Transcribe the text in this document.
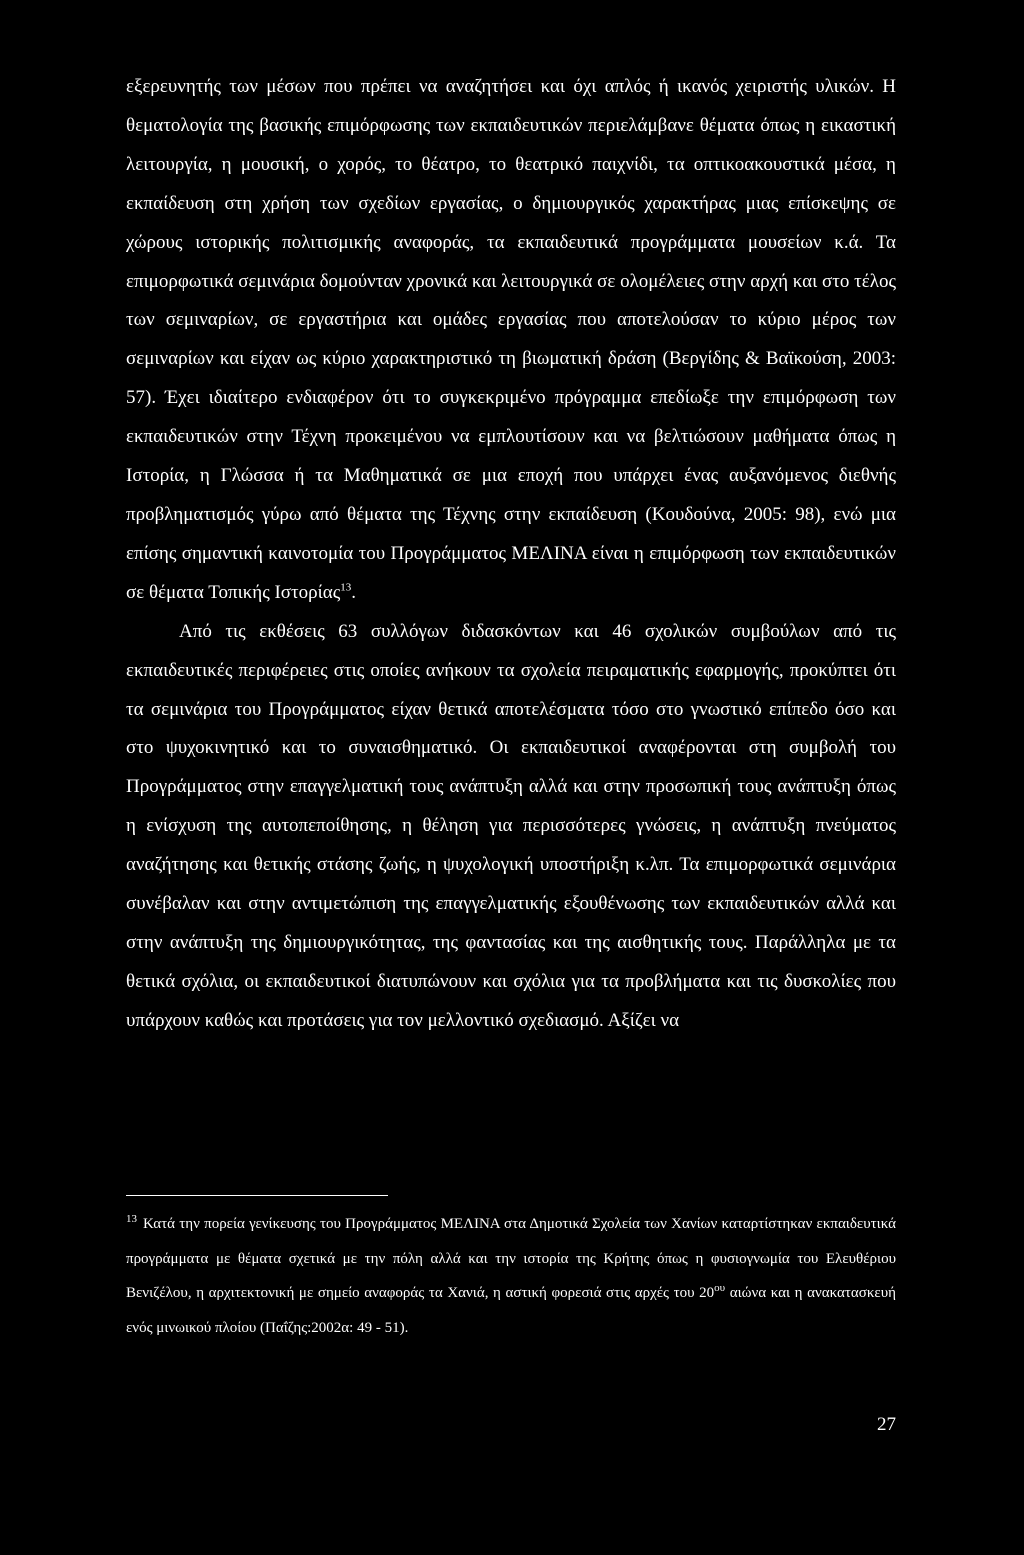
εξερευνητής των μέσων που πρέπει να αναζητήσει και όχι απλός ή ικανός χειριστής υλικών. Η θεματολογία της βασικής επιμόρφωσης των εκπαιδευτικών περιελάμβανε θέματα όπως η εικαστική λειτουργία, η μουσική, ο χορός, το θέατρο, το θεατρικό παιχνίδι, τα οπτικοακουστικά μέσα, η εκπαίδευση στη χρήση των σχεδίων εργασίας, ο δημιουργικός χαρακτήρας μιας επίσκεψης σε χώρους ιστορικής πολιτισμικής αναφοράς, τα εκπαιδευτικά προγράμματα μουσείων κ.ά. Τα επιμορφωτικά σεμινάρια δομούνταν χρονικά και λειτουργικά σε ολομέλειες στην αρχή και στο τέλος των σεμιναρίων, σε εργαστήρια και ομάδες εργασίας που αποτελούσαν το κύριο μέρος των σεμιναρίων και είχαν ως κύριο χαρακτηριστικό τη βιωματική δράση (Βεργίδης & Βαϊκούση, 2003: 57). Έχει ιδιαίτερο ενδιαφέρον ότι το συγκεκριμένο πρόγραμμα επεδίωξε την επιμόρφωση των εκπαιδευτικών στην Τέχνη προκειμένου να εμπλουτίσουν και να βελτιώσουν μαθήματα όπως η Ιστορία, η Γλώσσα ή τα Μαθηματικά σε μια εποχή που υπάρχει ένας αυξανόμενος διεθνής προβληματισμός γύρω από θέματα της Τέχνης στην εκπαίδευση (Κουδούνα, 2005: 98), ενώ μια επίσης σημαντική καινοτομία του Προγράμματος ΜΕΛΙΝΑ είναι η επιμόρφωση των εκπαιδευτικών σε θέματα Τοπικής Ιστορίας$^{13}$.

Από τις εκθέσεις 63 συλλόγων διδασκόντων και 46 σχολικών συμβούλων από τις εκπαιδευτικές περιφέρειες στις οποίες ανήκουν τα σχολεία πειραματικής εφαρμογής, προκύπτει ότι τα σεμινάρια του Προγράμματος είχαν θετικά αποτελέσματα τόσο στο γνωστικό επίπεδο όσο και στο ψυχοκινητικό και το συναισθηματικό. Οι εκπαιδευτικοί αναφέρονται στη συμβολή του Προγράμματος στην επαγγελματική τους ανάπτυξη αλλά και στην προσωπική τους ανάπτυξη όπως η ενίσχυση της αυτοπεποίθησης, η θέληση για περισσότερες γνώσεις, η ανάπτυξη πνεύματος αναζήτησης και θετικής στάσης ζωής, η ψυχολογική υποστήριξη κ.λπ. Τα επιμορφωτικά σεμινάρια συνέβαλαν και στην αντιμετώπιση της επαγγελματικής εξουθένωσης των εκπαιδευτικών αλλά και στην ανάπτυξη της δημιουργικότητας, της φαντασίας και της αισθητικής τους. Παράλληλα με τα θετικά σχόλια, οι εκπαιδευτικοί διατυπώνουν και σχόλια για τα προβλήματα και τις δυσκολίες που υπάρχουν καθώς και προτάσεις για τον μελλοντικό σχεδιασμό. Αξίζει να

$^{13}$ Κατά την πορεία γενίκευσης του Προγράμματος ΜΕΛΙΝΑ στα Δημοτικά Σχολεία των Χανίων καταρτίστηκαν εκπαιδευτικά προγράμματα με θέματα σχετικά με την πόλη αλλά και την ιστορία της Κρήτης όπως η φυσιογνωμία του Ελευθέριου Βενιζέλου, η αρχιτεκτονική με σημείο αναφοράς τα Χανιά, η αστική φορεσιά στις αρχές του $20^{o\upsilon}$ αιώνα και η ανακατασκευή ενός μινωικού πλοίου (Παΐζης:2002α: 49 - 51).

27
